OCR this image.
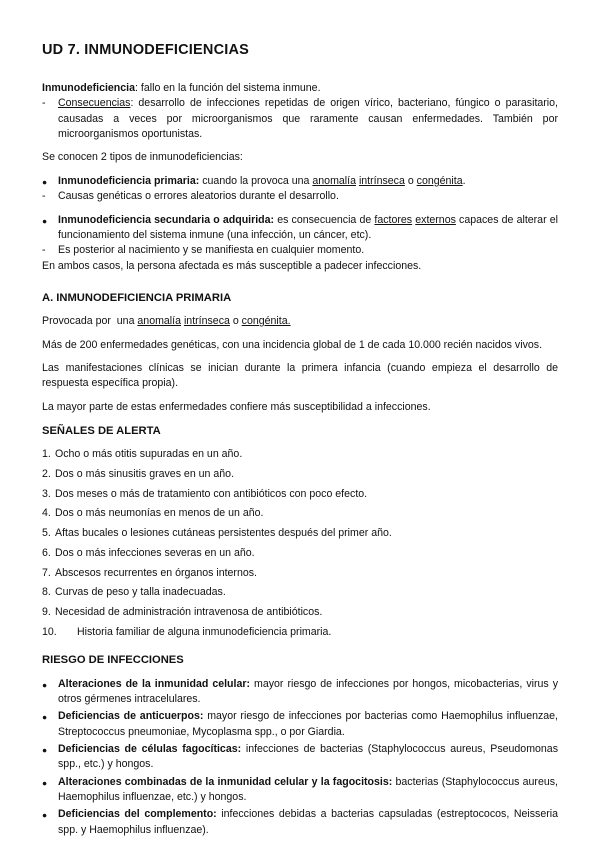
UD 7. INMUNODEFICIENCIAS

Inmunodeficiencia: fallo en la función del sistema inmune.

- Consecuencias: desarrollo de infecciones repetidas de origen vírico, bacteriano, fúngico o parasitario, causadas a veces por microorganismos que raramente causan enfermedades. También por microorganismos oportunistas.

Se conocen 2 tipos de inmunodeficiencias:

● Inmunodeficiencia primaria: cuando la provoca una anomalía intrínseca o congénita.
- Causas genéticas o errores aleatorios durante el desarrollo.
● Inmunodeficiencia secundaria o adquirida: es consecuencia de factores externos capaces de alterar el funcionamiento del sistema inmune (una infección, un cáncer, etc).
- Es posterior al nacimiento y se manifiesta en cualquier momento.

En ambos casos, la persona afectada es más susceptible a padecer infecciones.

A. INMUNODEFICIENCIA PRIMARIA

Provocada por  una anomalía intrínseca o congénita.

Más de 200 enfermedades genéticas, con una incidencia global de 1 de cada 10.000 recién nacidos vivos.

Las manifestaciones clínicas se inician durante la primera infancia (cuando empieza el desarrollo de respuesta específica propia).

La mayor parte de estas enfermedades confiere más susceptibilidad a infecciones.

SEÑALES DE ALERTA
1. Ocho o más otitis supuradas en un año.
2. Dos o más sinusitis graves en un año.
3. Dos meses o más de tratamiento con antibióticos con poco efecto.
4. Dos o más neumonías en menos de un año.
5. Aftas bucales o lesiones cutáneas persistentes después del primer año.
6. Dos o más infecciones severas en un año.
7. Abscesos recurrentes en órganos internos.
8. Curvas de peso y talla inadecuadas.
9. Necesidad de administración intravenosa de antibióticos.
10.	Historia familiar de alguna inmunodeficiencia primaria.
RIESGO DE INFECCIONES
● Alteraciones de la inmunidad celular: mayor riesgo de infecciones por hongos, micobacterias, virus y otros gérmenes intracelulares.
● Deficiencias de anticuerpos: mayor riesgo de infecciones por bacterias como Haemophilus influenzae, Streptococcus pneumoniae, Mycoplasma spp., o por Giardia.
● Deficiencias de células fagocíticas: infecciones de bacterias (Staphylococcus aureus, Pseudomonas spp., etc.) y hongos.
● Alteraciones combinadas de la inmunidad celular y la fagocitosis: bacterias (Staphylococcus aureus, Haemophilus influenzae, etc.) y hongos.
● Deficiencias del complemento: infecciones debidas a bacterias capsuladas (estreptococos, Neisseria spp. y Haemophilus influenzae).
